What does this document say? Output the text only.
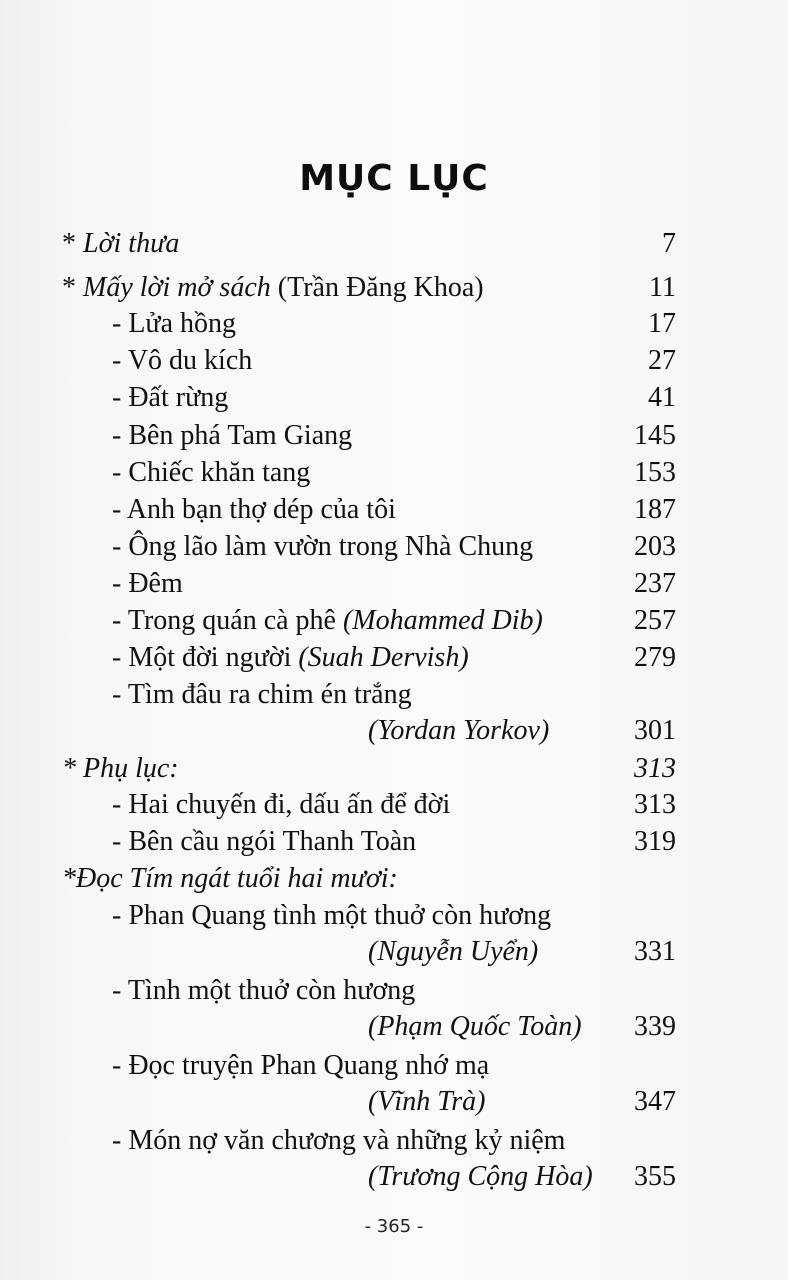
MỤC LỤC
* Lời thưa	7
* Mấy lời mở sách (Trần Đăng Khoa)	11
- Lửa hồng	17
- Vô du kích	27
- Đất rừng	41
- Bên phá Tam Giang	145
- Chiếc khăn tang	153
- Anh bạn thợ dép của tôi	187
- Ông lão làm vườn trong Nhà Chung	203
- Đêm	237
- Trong quán cà phê (Mohammed Dib)	257
- Một đời người (Suah Dervish)	279
- Tìm đâu ra chim én trắng
(Yordan Yorkov)	301
* Phụ lục:	313
- Hai chuyến đi, dấu ấn để đời	313
- Bên cầu ngói Thanh Toàn	319
*Đọc Tím ngát tuổi hai mươi:
- Phan Quang tình một thuở còn hương
(Nguyễn Uyển)	331
- Tình một thuở còn hương
(Phạm Quốc Toàn) 339
- Đọc truyện Phan Quang nhớ mạ
(Vĩnh Trà)	347
- Món nợ văn chương và những kỷ niệm
(Trương Cộng Hòa) 355
- 365 -
